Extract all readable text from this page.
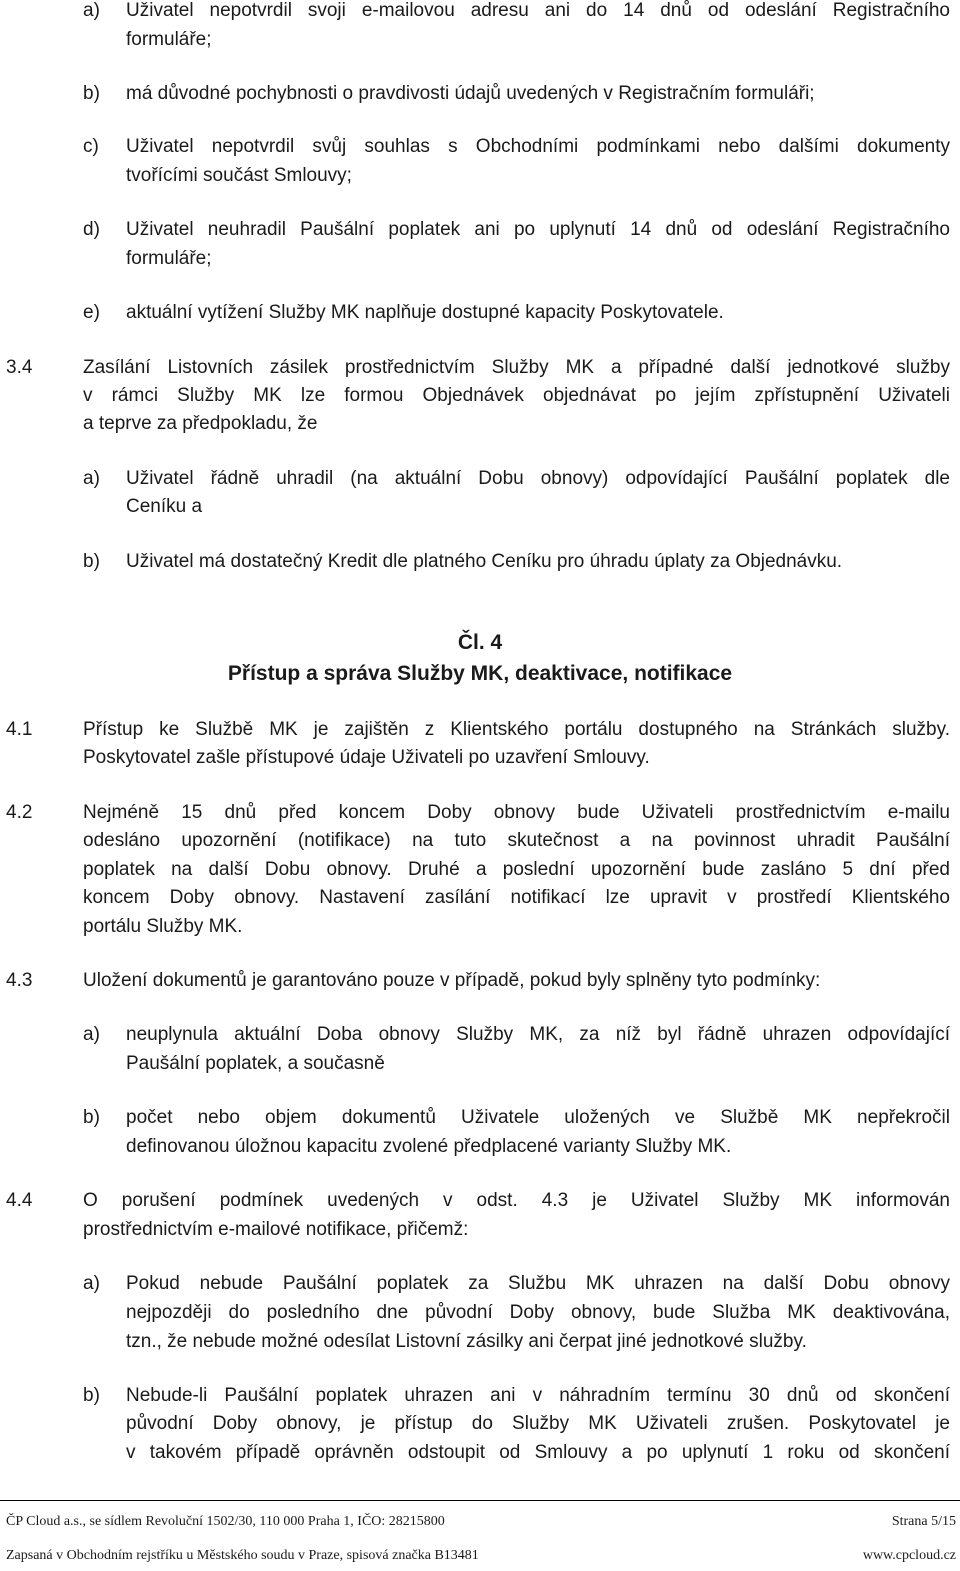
a) Uživatel nepotvrdil svoji e-mailovou adresu ani do 14 dnů od odeslání Registračního
formuláře;
b) má důvodné pochybnosti o pravdivosti údajů uvedených v Registračním formuláři;
c) Uživatel nepotvrdil svůj souhlas s Obchodními podmínkami nebo dalšími dokumenty
tvořícími součást Smlouvy;
d) Uživatel neuhradil Paušální poplatek ani po uplynutí 14 dnů od odeslání Registračního
formuláře;
e) aktuální vytížení Služby MK naplňuje dostupné kapacity Poskytovatele.
3.4	Zasílání Listovních zásilek prostřednictvím Služby MK a případné další jednotkové služby
v rámci Služby MK lze formou Objednávek objednávat po jejím zpřístupnění Uživateli
a teprve za předpokladu, že
a) Uživatel řádně uhradil (na aktuální Dobu obnovy) odpovídající Paušální poplatek dle
Ceníku a
b) Uživatel má dostatečný Kredit dle platného Ceníku pro úhradu úplaty za Objednávku.
Čl. 4
Přístup a správa Služby MK, deaktivace, notifikace
4.1	Přístup ke Službě MK je zajištěn z Klientského portálu dostupného na Stránkách služby.
Poskytovatel zašle přístupové údaje Uživateli po uzavření Smlouvy.
4.2	Nejméně 15 dnů před koncem Doby obnovy bude Uživateli prostřednictvím e-mailu
odesláno upozornění (notifikace) na tuto skutečnost a na povinnost uhradit Paušální
poplatek na další Dobu obnovy. Druhé a poslední upozornění bude zasláno 5 dní před
koncem Doby obnovy. Nastavení zasílání notifikací lze upravit v prostředí Klientského
portálu Služby MK.
4.3	Uložení dokumentů je garantováno pouze v případě, pokud byly splněny tyto podmínky:
a) neuplynula aktuální Doba obnovy Služby MK, za níž byl řádně uhrazen odpovídající
Paušální poplatek, a současně
b) počet nebo objem dokumentů Uživatele uložených ve Službě MK nepřekročil
definovanou úložnou kapacitu zvolené předplacené varianty Služby MK.
4.4	O porušení podmínek uvedených v odst. 4.3 je Uživatel Služby MK informován
prostřednictvím e-mailové notifikace, přičemž:
a) Pokud nebude Paušální poplatek za Službu MK uhrazen na další Dobu obnovy
nejpozději do posledního dne původní Doby obnovy, bude Služba MK deaktivována,
tzn., že nebude možné odesílat Listovní zásilky ani čerpat jiné jednotkové služby.
b) Nebude-li Paušální poplatek uhrazen ani v náhradním termínu 30 dnů od skončení
původní Doby obnovy, je přístup do Služby MK Uživateli zrušen. Poskytovatel je
v takovém případě oprávněn odstoupit od Smlouvy a po uplynutí 1 roku od skončení
ČP Cloud a.s., se sídlem Revoluční 1502/30, 110 000 Praha 1, IČO: 28215800	Strana 5/15
Zapsaná v Obchodním rejstříku u Městského soudu v Praze, spisová značka B13481	www.cpcloud.cz
